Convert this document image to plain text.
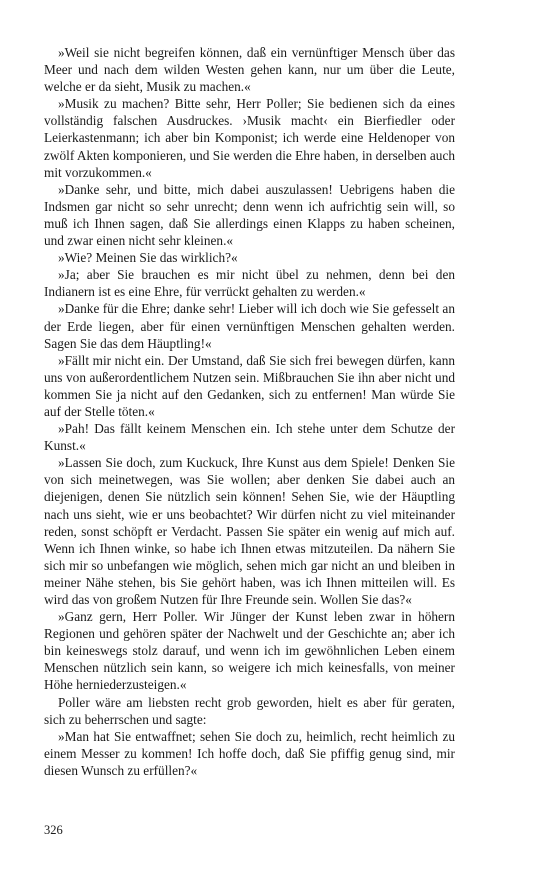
»Weil sie nicht begreifen können, daß ein vernünftiger Mensch über das Meer und nach dem wilden Westen gehen kann, nur um über die Leute, welche er da sieht, Musik zu machen.«

»Musik zu machen? Bitte sehr, Herr Poller; Sie bedienen sich da eines vollständig falschen Ausdruckes. ›Musik macht‹ ein Bierfiedler oder Leierkastenmann; ich aber bin Komponist; ich werde eine Heldenoper von zwölf Akten komponieren, und Sie werden die Ehre haben, in derselben auch mit vorzukommen.«

»Danke sehr, und bitte, mich dabei auszulassen! Uebrigens haben die Indsmen gar nicht so sehr unrecht; denn wenn ich aufrichtig sein will, so muß ich Ihnen sagen, daß Sie allerdings einen Klapps zu haben scheinen, und zwar einen nicht sehr kleinen.«

»Wie? Meinen Sie das wirklich?«

»Ja; aber Sie brauchen es mir nicht übel zu nehmen, denn bei den Indianern ist es eine Ehre, für verrückt gehalten zu werden.«

»Danke für die Ehre; danke sehr! Lieber will ich doch wie Sie gefesselt an der Erde liegen, aber für einen vernünftigen Menschen gehalten werden. Sagen Sie das dem Häuptling!«

»Fällt mir nicht ein. Der Umstand, daß Sie sich frei bewegen dürfen, kann uns von außerordentlichem Nutzen sein. Mißbrauchen Sie ihn aber nicht und kommen Sie ja nicht auf den Gedanken, sich zu entfernen! Man würde Sie auf der Stelle töten.«

»Pah! Das fällt keinem Menschen ein. Ich stehe unter dem Schutze der Kunst.«

»Lassen Sie doch, zum Kuckuck, Ihre Kunst aus dem Spiele! Denken Sie von sich meinetwegen, was Sie wollen; aber denken Sie dabei auch an diejenigen, denen Sie nützlich sein können! Sehen Sie, wie der Häuptling nach uns sieht, wie er uns beobachtet? Wir dürfen nicht zu viel miteinander reden, sonst schöpft er Verdacht. Passen Sie später ein wenig auf mich auf. Wenn ich Ihnen winke, so habe ich Ihnen etwas mitzuteilen. Da nähern Sie sich mir so unbefangen wie möglich, sehen mich gar nicht an und bleiben in meiner Nähe stehen, bis Sie gehört haben, was ich Ihnen mitteilen will. Es wird das von großem Nutzen für Ihre Freunde sein. Wollen Sie das?«

»Ganz gern, Herr Poller. Wir Jünger der Kunst leben zwar in höhern Regionen und gehören später der Nachwelt und der Geschichte an; aber ich bin keineswegs stolz darauf, und wenn ich im gewöhnlichen Leben einem Menschen nützlich sein kann, so weigere ich mich keinesfalls, von meiner Höhe herniederzusteigen.«

Poller wäre am liebsten recht grob geworden, hielt es aber für geraten, sich zu beherrschen und sagte:

»Man hat Sie entwaffnet; sehen Sie doch zu, heimlich, recht heimlich zu einem Messer zu kommen! Ich hoffe doch, daß Sie pfiffig genug sind, mir diesen Wunsch zu erfüllen?«

326
